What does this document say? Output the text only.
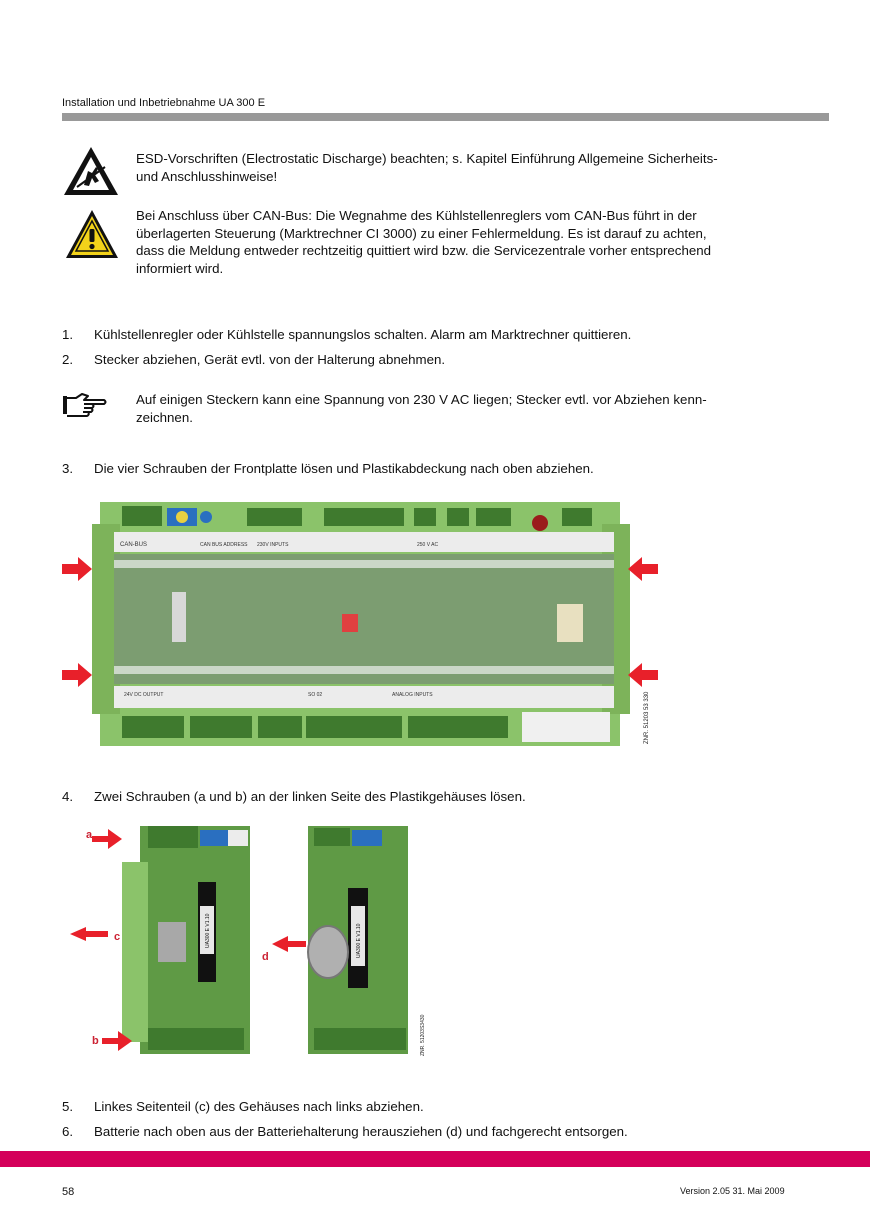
Installation und Inbetriebnahme UA 300 E
ESD-Vorschriften (Electrostatic Discharge) beachten; s. Kapitel Einführung Allgemeine Sicherheits-
und Anschlusshinweise!
Bei Anschluss über CAN-Bus: Die Wegnahme des Kühlstellenreglers vom CAN-Bus führt in der
überlagerten Steuerung (Marktrechner CI 3000) zu einer Fehlermeldung. Es ist darauf zu achten,
dass die Meldung entweder rechtzeitig quittiert wird bzw. die Servicezentrale vorher entsprechend
informiert wird.
1. Kühlstellenregler oder Kühlstelle spannungslos schalten. Alarm am Marktrechner quittieren.
2. Stecker abziehen, Gerät evtl. von der Halterung abnehmen.
Auf einigen Steckern kann eine Spannung von 230 V AC liegen; Stecker evtl. vor Abziehen kenn-
zeichnen.
3. Die vier Schrauben der Frontplatte lösen und Plastikabdeckung nach oben abziehen.
CAN-BUS	CAN BUS ADDRESS 230V INPUTS	250 V AC
24V DC OUTPUT	SO 02	ANALOG INPUTS	ZNR. 51203 53 330
4. Zwei Schrauben (a und b) an der linken Seite des Plastikgehäuses lösen.
UA300 E V1.10
a
c
b
UA300 E V1.10
ZNR. 51203S3430
d
5. Linkes Seitenteil (c) des Gehäuses nach links abziehen.
6. Batterie nach oben aus der Batteriehalterung herausziehen (d) und fachgerecht entsorgen.
58	Version 2.05 31. Mai 2009
